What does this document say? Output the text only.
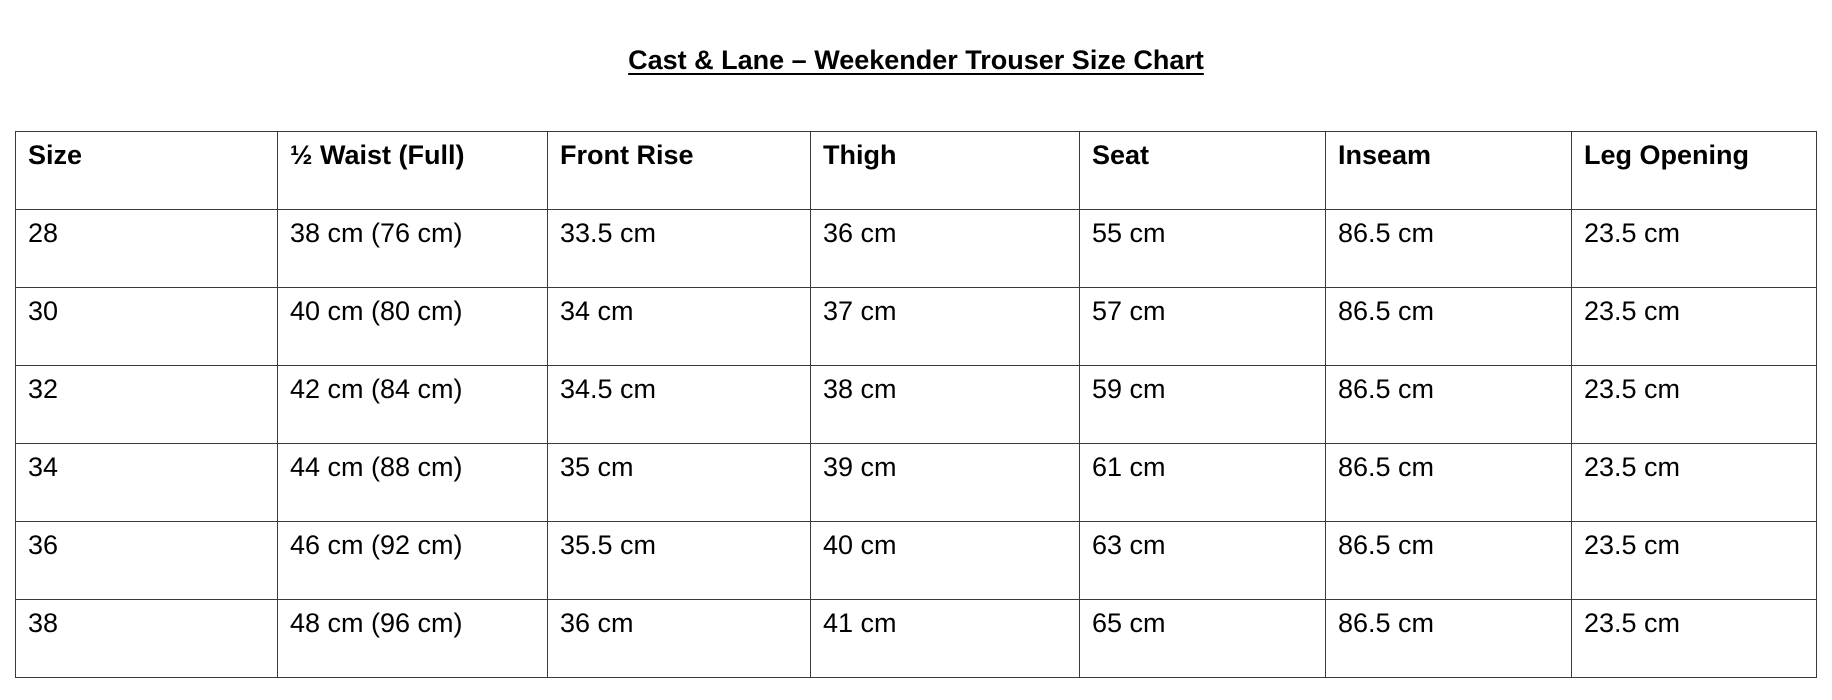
Cast & Lane – Weekender Trouser Size Chart
Size	½ Waist (Full)	Front Rise	Thigh	Seat	Inseam	Leg Opening
28	38 cm (76 cm)	33.5 cm	36 cm	55 cm	86.5 cm	23.5 cm
30	40 cm (80 cm)	34 cm	37 cm	57 cm	86.5 cm	23.5 cm
32	42 cm (84 cm)	34.5 cm	38 cm	59 cm	86.5 cm	23.5 cm
34	44 cm (88 cm)	35 cm	39 cm	61 cm	86.5 cm	23.5 cm
36	46 cm (92 cm)	35.5 cm	40 cm	63 cm	86.5 cm	23.5 cm
38	48 cm (96 cm)	36 cm	41 cm	65 cm	86.5 cm	23.5 cm
